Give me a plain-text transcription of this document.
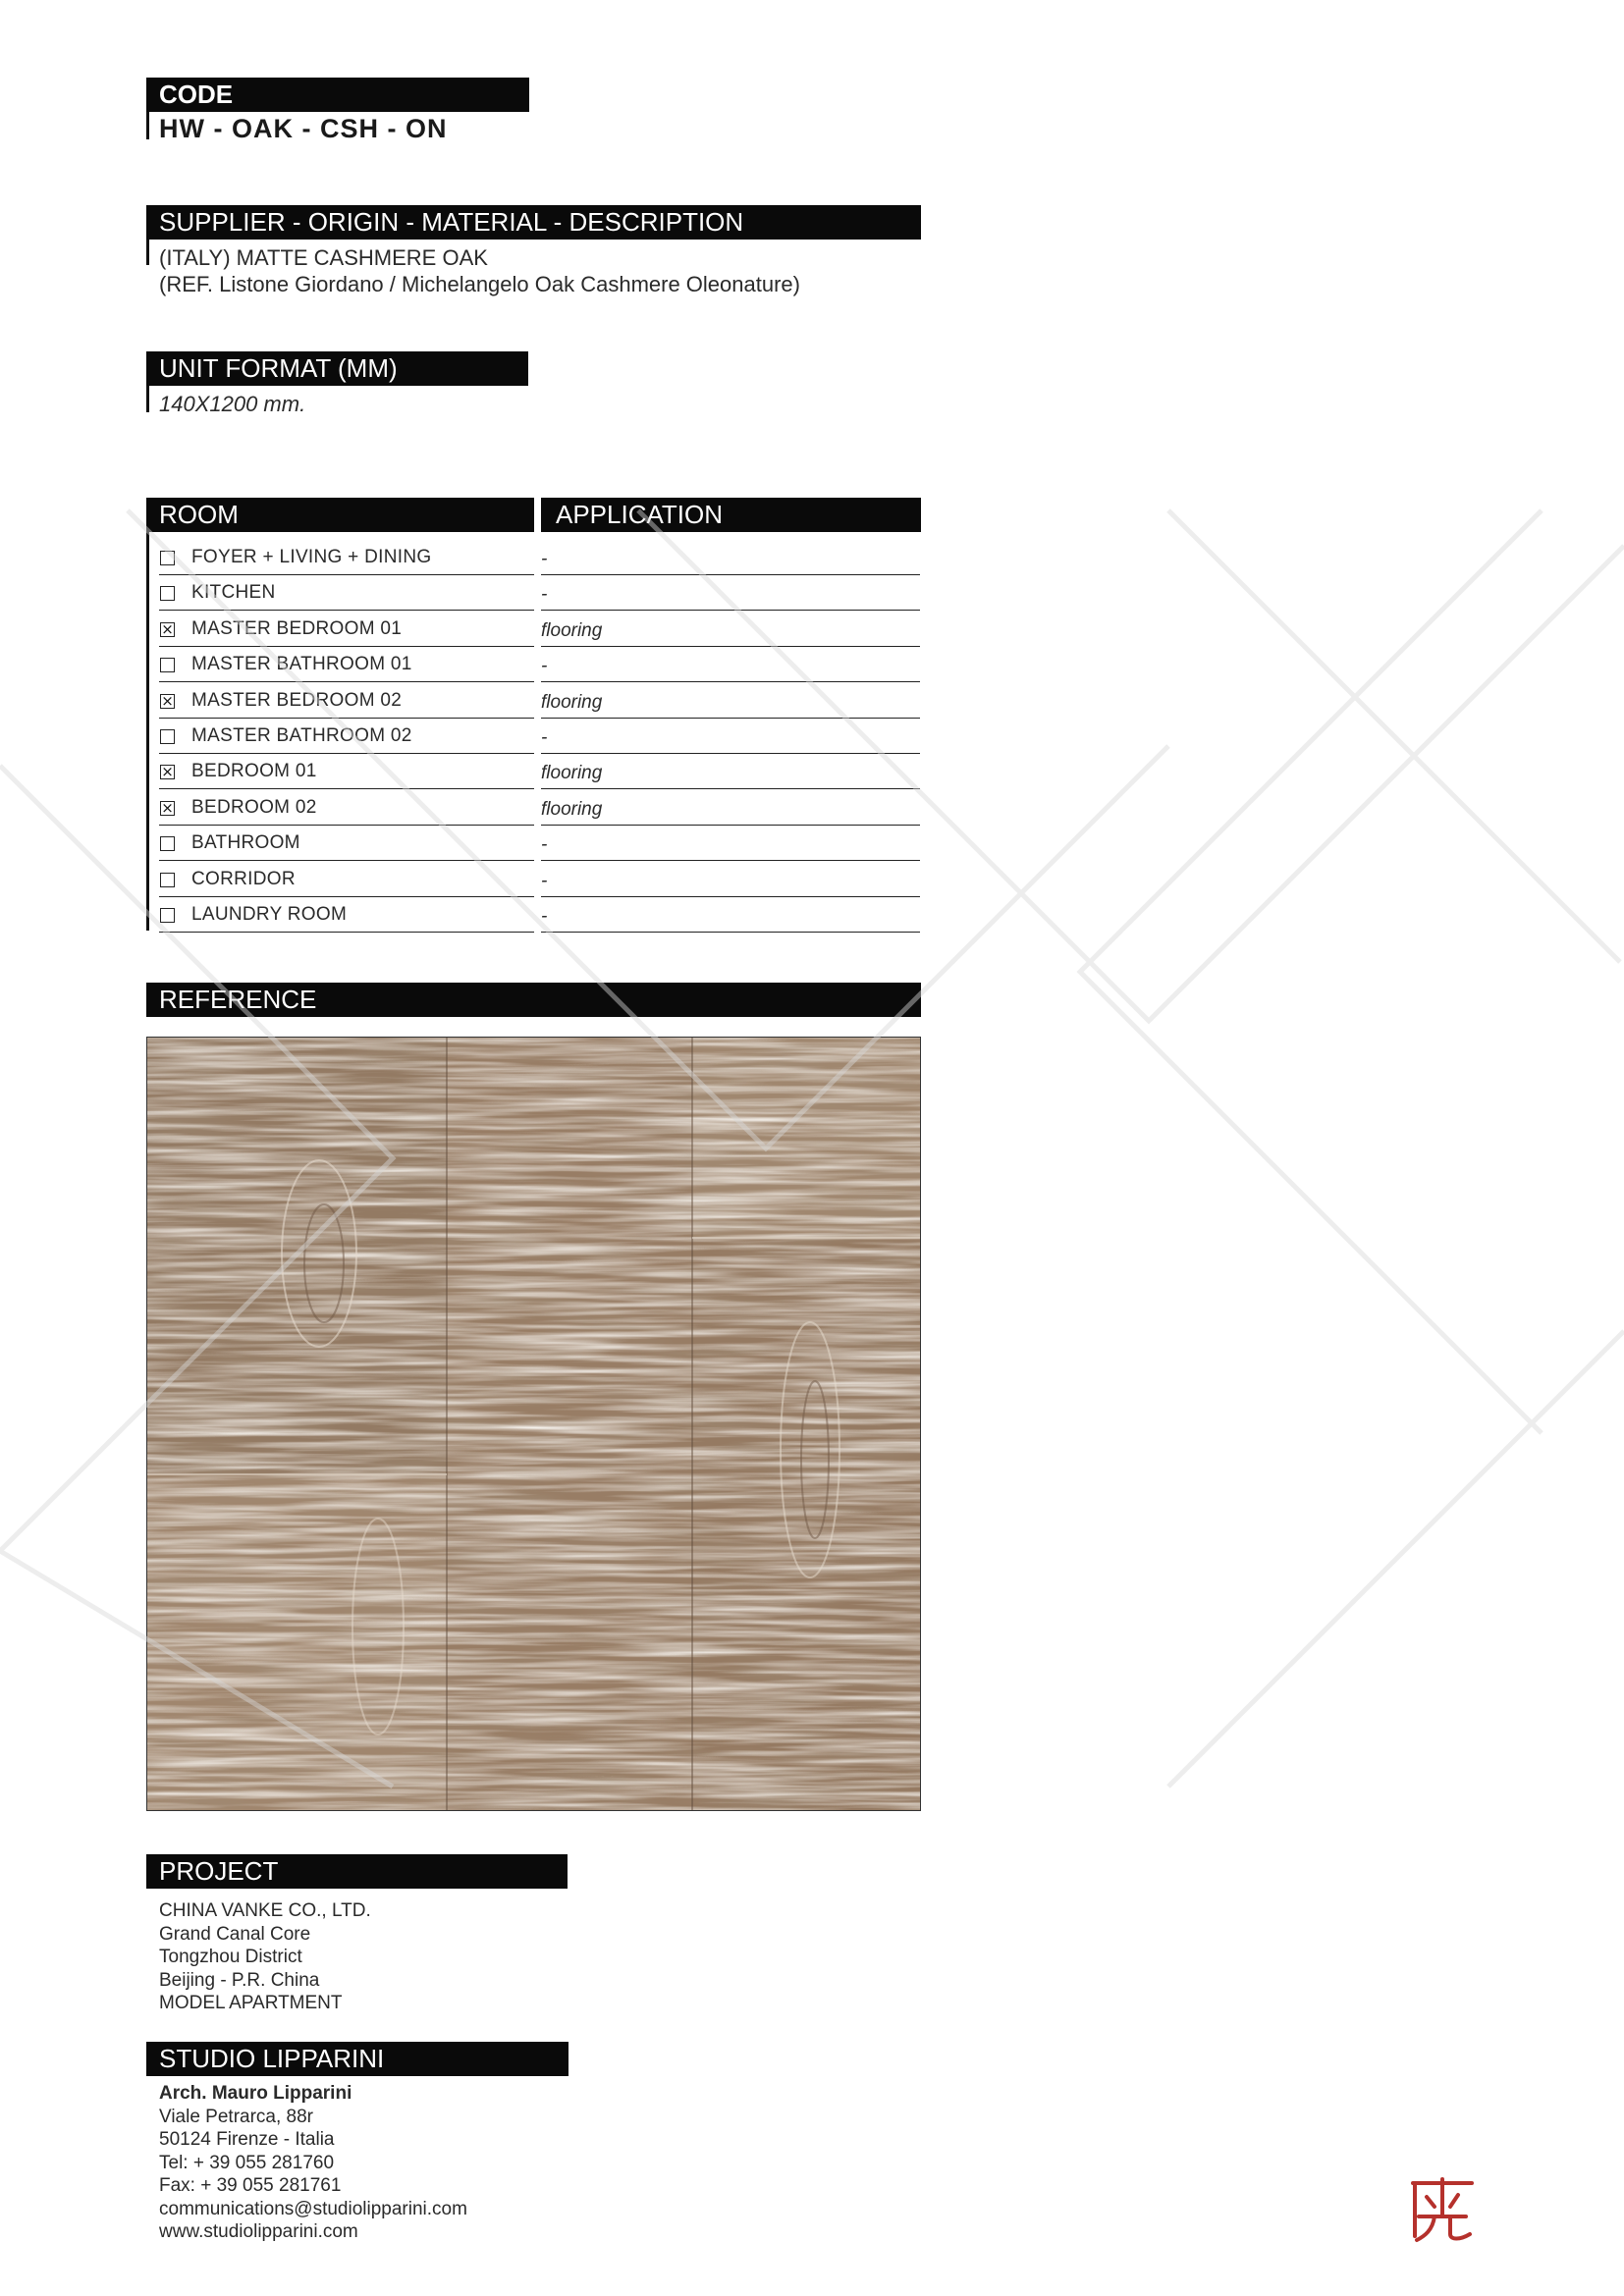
CODE
HW - OAK - CSH - ON
SUPPLIER - ORIGIN - MATERIAL - DESCRIPTION
(ITALY) MATTE CASHMERE OAK
(REF. Listone Giordano / Michelangelo Oak Cashmere Oleonature)
UNIT FORMAT (MM)
140X1200 mm.
ROOM	APPLICATION
FOYER + LIVING + DINING	-
KITCHEN	-
× MASTER BEDROOM 01	flooring
MASTER BATHROOM 01	-
× MASTER BEDROOM 02	flooring
MASTER BATHROOM 02	-
× BEDROOM 01	flooring
× BEDROOM 02	flooring
BATHROOM	-
CORRIDOR	-
LAUNDRY ROOM	-
REFERENCE
PROJECT
CHINA VANKE CO., LTD.
Grand Canal Core
Tongzhou District
Beijing - P.R. China
MODEL APARTMENT
STUDIO LIPPARINI
Arch. Mauro Lipparini
Viale Petrarca, 88r
50124 Firenze - Italia
Tel: + 39 055 281760
Fax: + 39 055 281761
communications@studiolipparini.com
www.studiolipparini.com
